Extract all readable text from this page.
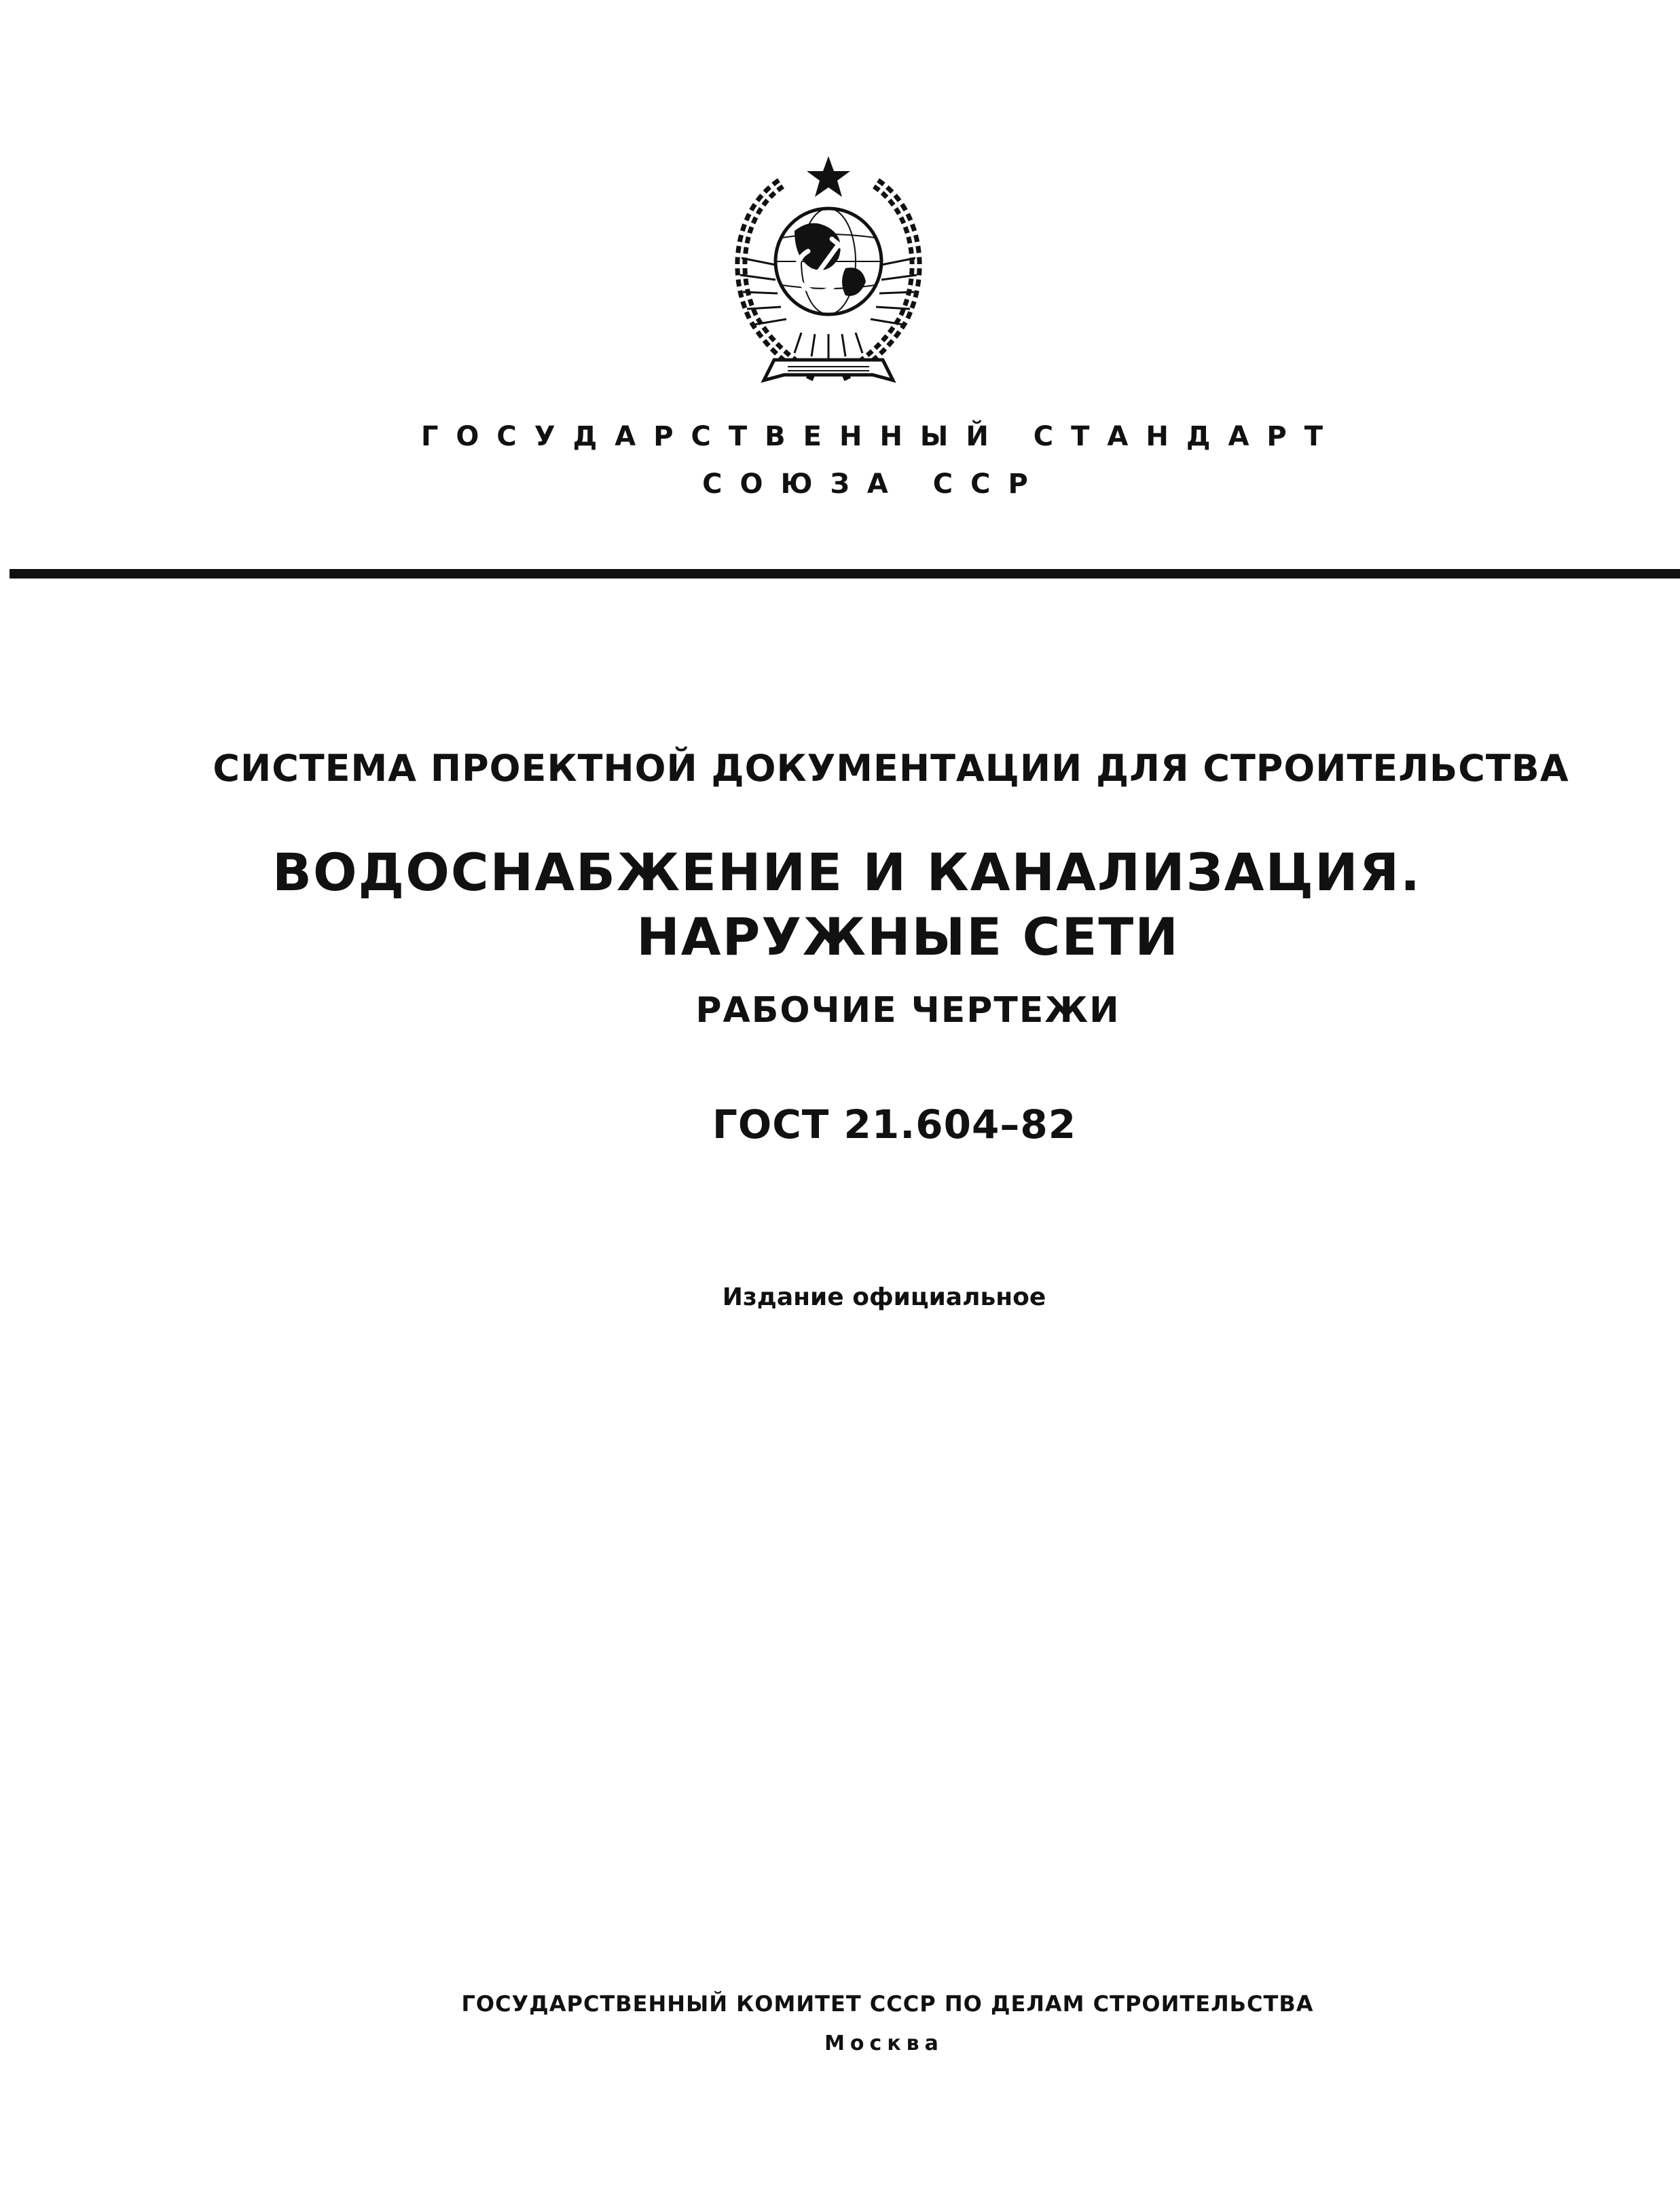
ГОСУДАРСТВЕННЫЙ СТАНДАРТ
СОЮЗА ССР
СИСТЕМА ПРОЕКТНОЙ ДОКУМЕНТАЦИИ ДЛЯ СТРОИТЕЛЬСТВА
ВОДОСНАБЖЕНИЕ И КАНАЛИЗАЦИЯ.
НАРУЖНЫЕ СЕТИ
РАБОЧИЕ ЧЕРТЕЖИ
ГОСТ 21.604–82
Издание официальное
ГОСУДАРСТВЕННЫЙ КОМИТЕТ СССР ПО ДЕЛАМ СТРОИТЕЛЬСТВА
Москва
